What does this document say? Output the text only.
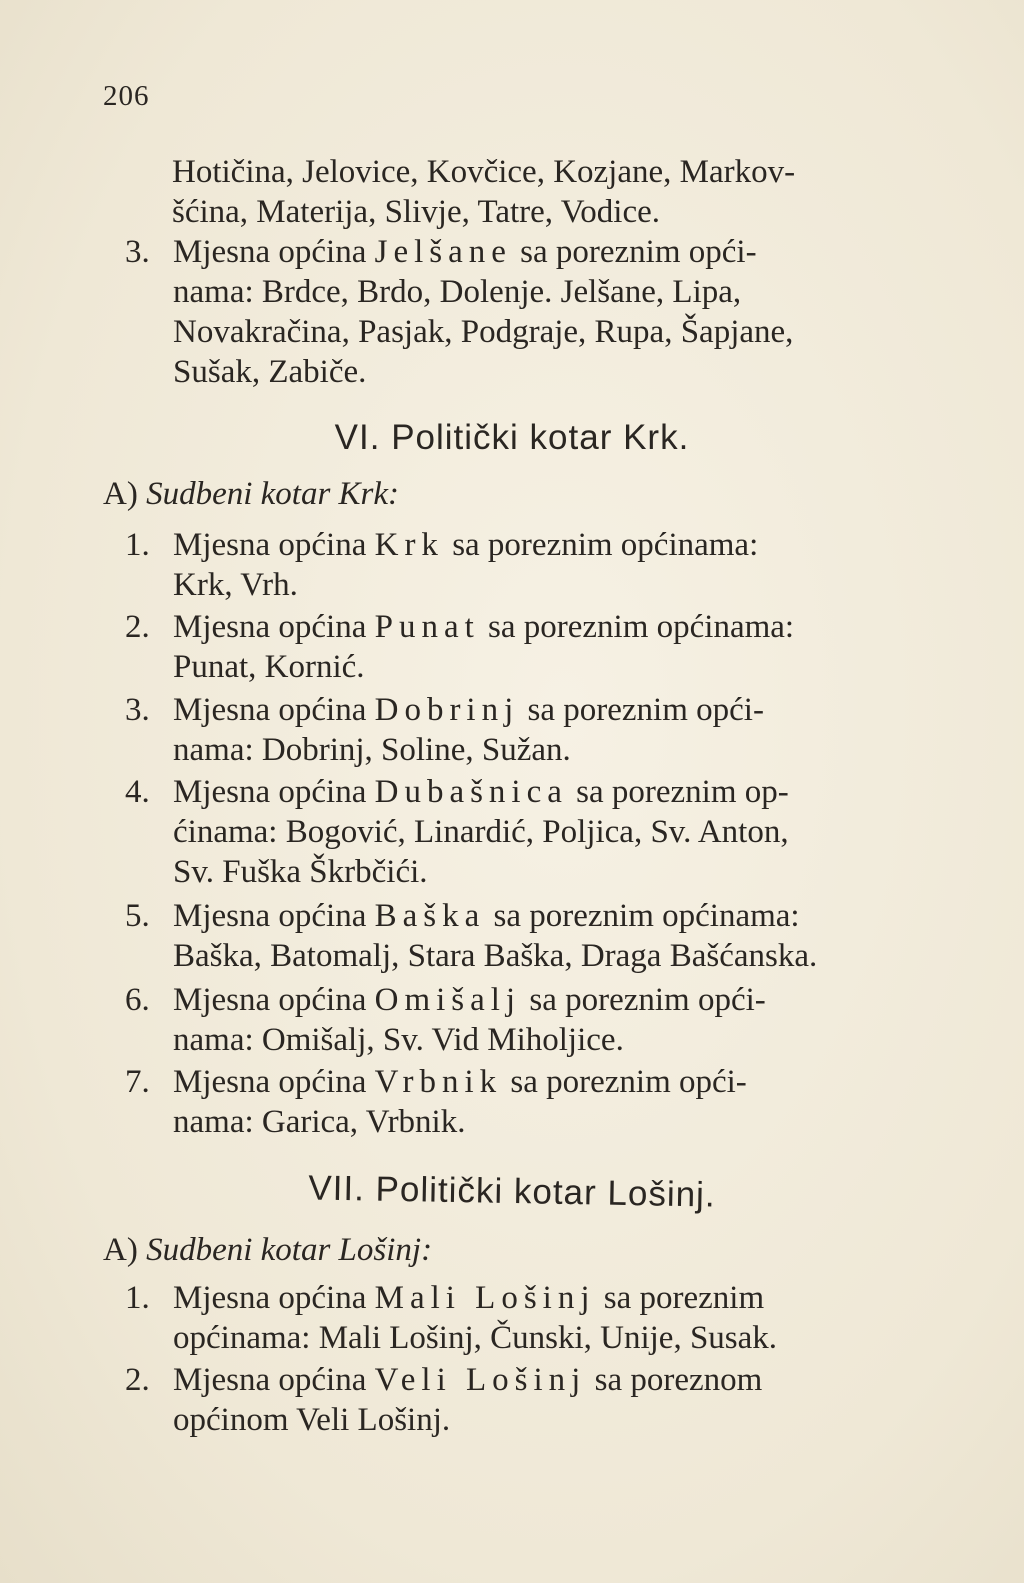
206
Hotičina, Jelovice, Kovčice, Kozjane, Markov-
šćina, Materija, Slivje, Tatre, Vodice.
3. Mjesna općina Jelšane sa poreznim opći-
nama: Brdce, Brdo, Dolenje. Jelšane, Lipa,
Novakračina, Pasjak, Podgraje, Rupa, Šapjane,
Sušak, Zabiče.
VI. Politički kotar Krk.
A) Sudbeni kotar Krk:
1. Mjesna općina Krk sa poreznim općinama:
Krk, Vrh.
2. Mjesna općina Punat sa poreznim općinama:
Punat, Kornić.
3. Mjesna općina Dobrinj sa poreznim opći-
nama: Dobrinj, Soline, Sužan.
4. Mjesna općina Dubašnica sa poreznim op-
ćinama: Bogović, Linardić, Poljica, Sv. Anton,
Sv. Fuška Škrbčići.
5. Mjesna općina Baška sa poreznim općinama:
Baška, Batomalj, Stara Baška, Draga Bašćanska.
6. Mjesna općina Omišalj sa poreznim opći-
nama: Omišalj, Sv. Vid Miholjice.
7. Mjesna općina Vrbnik sa poreznim opći-
nama: Garica, Vrbnik.
VII. Politički kotar Lošinj.
A) Sudbeni kotar Lošinj:
1. Mjesna općina Mali Lošinj sa poreznim
općinama: Mali Lošinj, Čunski, Unije, Susak.
2. Mjesna općina Veli Lošinj sa poreznom
općinom Veli Lošinj.
